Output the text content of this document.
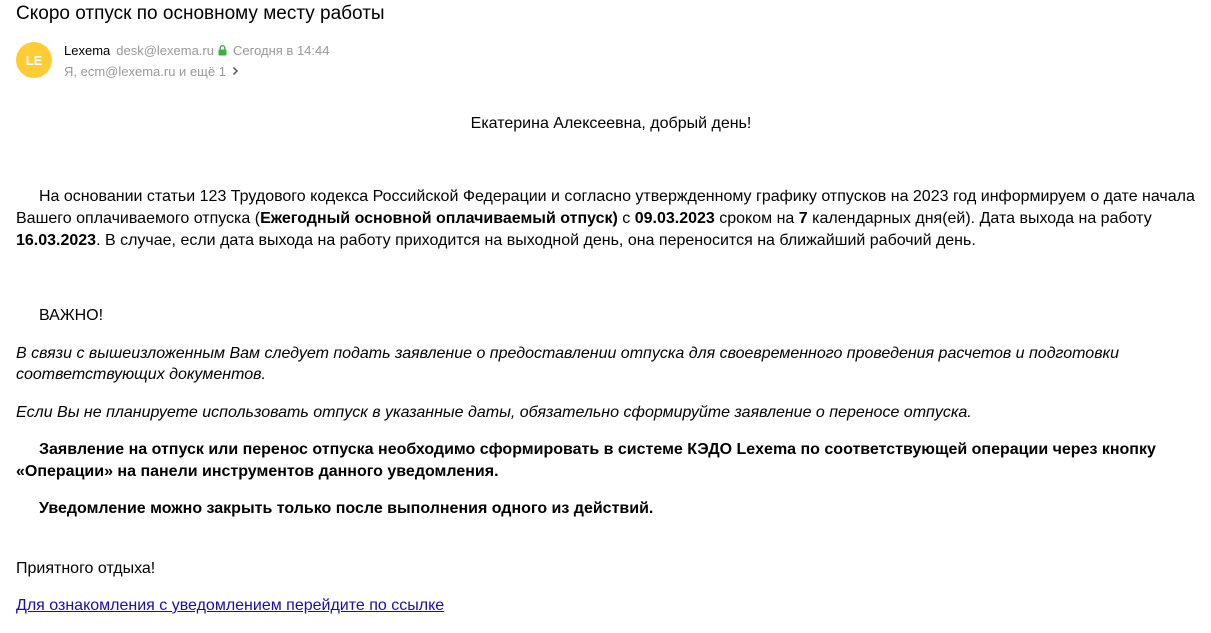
Скоро отпуск по основному месту работы
LE
Lexema desk@lexema.ru Сегодня в 14:44
Я, ecm@lexema.ru и ещё 1
Екатерина Алексеевна, добрый день!
На основании статьи 123 Трудового кодекса Российской Федерации и согласно утвержденному графику отпусков на 2023 год информируем о дате начала Вашего оплачиваемого отпуска (Ежегодный основной оплачиваемый отпуск) с 09.03.2023 сроком на 7 календарных дня(ей). Дата выхода на работу 16.03.2023. В случае, если дата выхода на работу приходится на выходной день, она переносится на ближайший рабочий день.
ВАЖНО!
В связи с вышеизложенным Вам следует подать заявление о предоставлении отпуска для своевременного проведения расчетов и подготовки соответствующих документов.
Если Вы не планируете использовать отпуск в указанные даты, обязательно сформируйте заявление о переносе отпуска.
Заявление на отпуск или перенос отпуска необходимо сформировать в системе КЭДО Lexema по соответствующей операции через кнопку «Операции» на панели инструментов данного уведомления.
Уведомление можно закрыть только после выполнения одного из действий.
Приятного отдыха!
Для ознакомления с уведомлением перейдите по ссылке
